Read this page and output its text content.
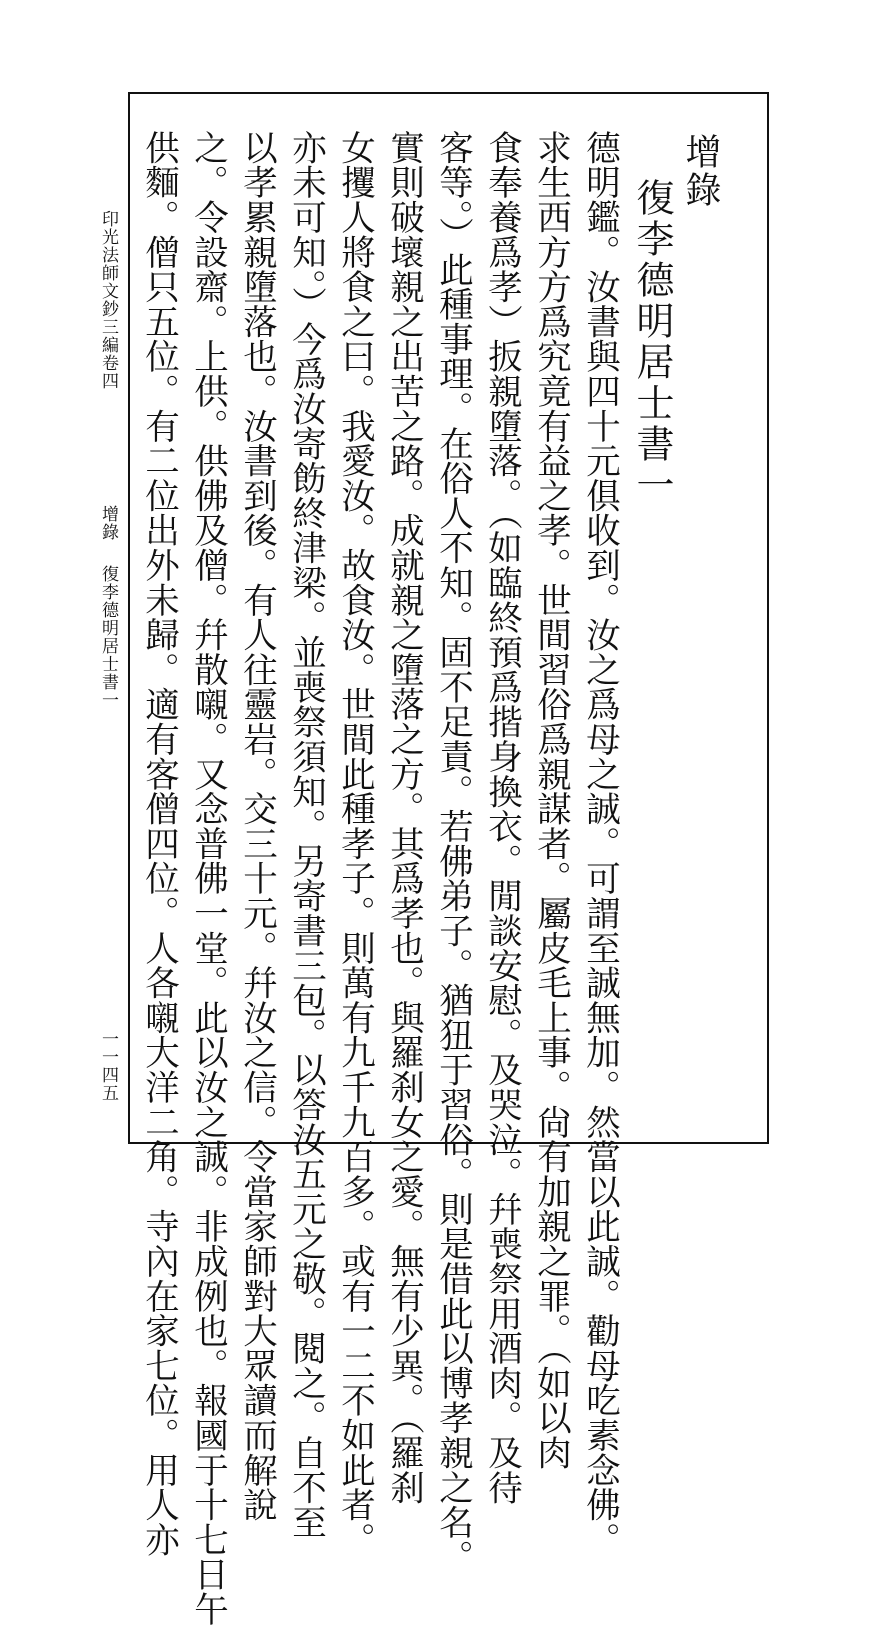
增錄
復李德明居士書一
德明鑑。汝書與四十元俱收到。汝之爲母之誠。可謂至誠無加。然當以此誠。勸母吃素念佛。
求生西方方爲究竟有益之孝。世間習俗爲親謀者。屬皮毛上事。尙有加親之罪。（如以肉
食奉養爲孝）扳親墮落。（如臨終預爲揩身換衣。閒談安慰。及哭泣。幷喪祭用酒肉。及待
客等。）此種事理。在俗人不知。固不足責。若佛弟子。猶狃于習俗。則是借此以博孝親之名。
實則破壞親之出苦之路。成就親之墮落之方。其爲孝也。與羅刹女之愛。無有少異。（羅刹
女攫人將食之曰。我愛汝。故食汝。世間此種孝子。則萬有九千九百多。或有一二不如此者。
亦未可知。）今爲汝寄飭終津梁。並喪祭須知。另寄書三包。以答汝五元之敬。閱之。自不至
以孝累親墮落也。汝書到後。有人往靈岩。交三十元。幷汝之信。令當家師對大眾讀而解說
之。令設齋。上供。供佛及僧。幷散嚫。又念普佛一堂。此以汝之誠。非成例也。報國于十七日午
供麵。僧只五位。有二位出外未歸。適有客僧四位。人各嚫大洋二角。寺內在家七位。用人亦
印光法師文鈔三編卷四
增錄
復李德明居士書一
一一四五
